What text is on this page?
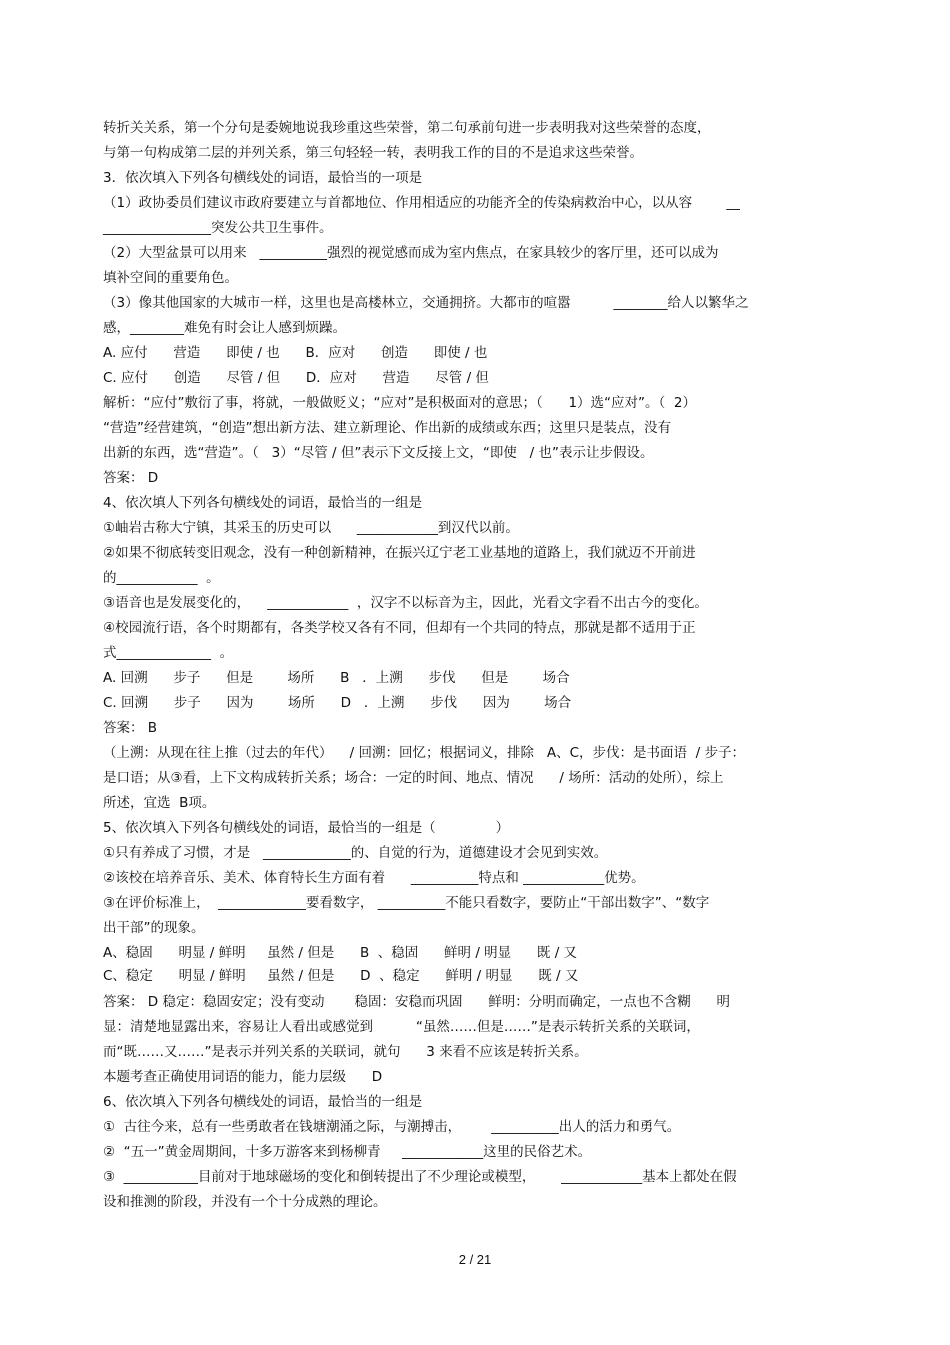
转折关关系，第一个分句是委婉地说我珍重这些荣誉，第二句承前句进一步表明我对这些荣誉的态度，
与第一句构成第二层的并列关系，第三句轻轻一转，表明我工作的目的不是追求这些荣誉。
3．依次填入下列各句横线处的词语，最恰当的一项是
（1）政协委员们建议市政府要建立与首都地位、作用相适应的功能齐全的传染病救治中心，以从容        __
________________突发公共卫生事件。
（2）大型盆景可以用来   __________强烈的视觉感而成为室内焦点，在家具较少的客厅里，还可以成为
填补空间的重要角色。
（3）像其他国家的大城市一样，这里也是高楼林立，交通拥挤。大都市的喧嚣          ________给人以繁华之
感，________难免有时会让人感到烦躁。
A. 应付      营造      即使 / 也      B．应对      创造      即使 / 也
C. 应付      创造      尽管 / 但      D．应对      营造      尽管 / 但
解析：“应付”敷衍了事，将就，一般做贬义；“应对”是积极面对的意思；（      1）选“应对”。（  2）
“营造”经营建筑，“创造”想出新方法、建立新理论、作出新的成绩或东西；这里只是装点，没有
出新的东西，选“营造”。（   3）“尽管 / 但”表示下文反接上文，“即使   / 也”表示让步假设。
答案： D
4、依次填人下列各句横线处的词语，最恰当的一组是
①岫岩古称大宁镇，其采玉的历史可以      ____________到汉代以前。
②如果不彻底转变旧观念，没有一种创新精神，在振兴辽宁老工业基地的道路上，我们就迈不开前进
的____________  。
③语音也是发展变化的，    ____________  ，汉字不以标音为主，因此，光看文字看不出古今的变化。
④校园流行语，各个时期都有，各类学校又各有不同，但却有一个共同的特点，那就是都不适用于正
式______________  。
A. 回溯      步子      但是        场所      B   ．上溯      步伐      但是        场合
C. 回溯      步子      因为        场所      D   ．上溯      步伐      因为        场合
答案： B
（上溯：从现在往上推（过去的年代）    / 回溯：回忆；根据词义，排除   A、C，步伐：是书面语  / 步子：
是口语；从③看，上下文构成转折关系；场合：一定的时间、地点、情况      / 场所：活动的处所），综上
所述，宜选  B项。
5、依次填入下列各句横线处的词语，最恰当的一组是（              ）
①只有养成了习惯，才是   _____________的、自觉的行为，道德建设才会见到实效。
②该校在培养音乐、美术、体育特长生方面有着      __________特点和 ____________优势。
③在评价标准上，  _____________要看数字， __________不能只看数字，要防止“干部出数字”、“数字
出干部”的现象。
A、稳固      明显 / 鲜明     虽然 / 但是      B  、稳固      鲜明 / 明显      既 / 又
C、稳定      明显 / 鲜明     虽然 / 但是      D  、稳定      鲜明 / 明显      既 / 又
答案： D 稳定：稳固安定；没有变动       稳固：安稳而巩固      鲜明：分明而确定，一点也不含糊      明
显：清楚地显露出来，容易让人看出或感觉到          “虽然……但是……”是表示转折关系的关联词，
而“既……又……”是表示并列关系的关联词，就句      3 来看不应该是转折关系。
本题考查正确使用词语的能力，能力层级      D
6、依次填入下列各句横线处的词语，最恰当的一组是
①  古往今来，总有一些勇敢者在钱塘潮涌之际，与潮搏击，       __________出人的活力和勇气。
②  “五一”黄金周期间，十多万游客来到杨柳青     ____________这里的民俗艺术。
③  ___________目前对于地球磁场的变化和倒转提出了不少理论或模型，      ____________基本上都处在假
设和推测的阶段，并没有一个十分成熟的理论。
2 / 21
